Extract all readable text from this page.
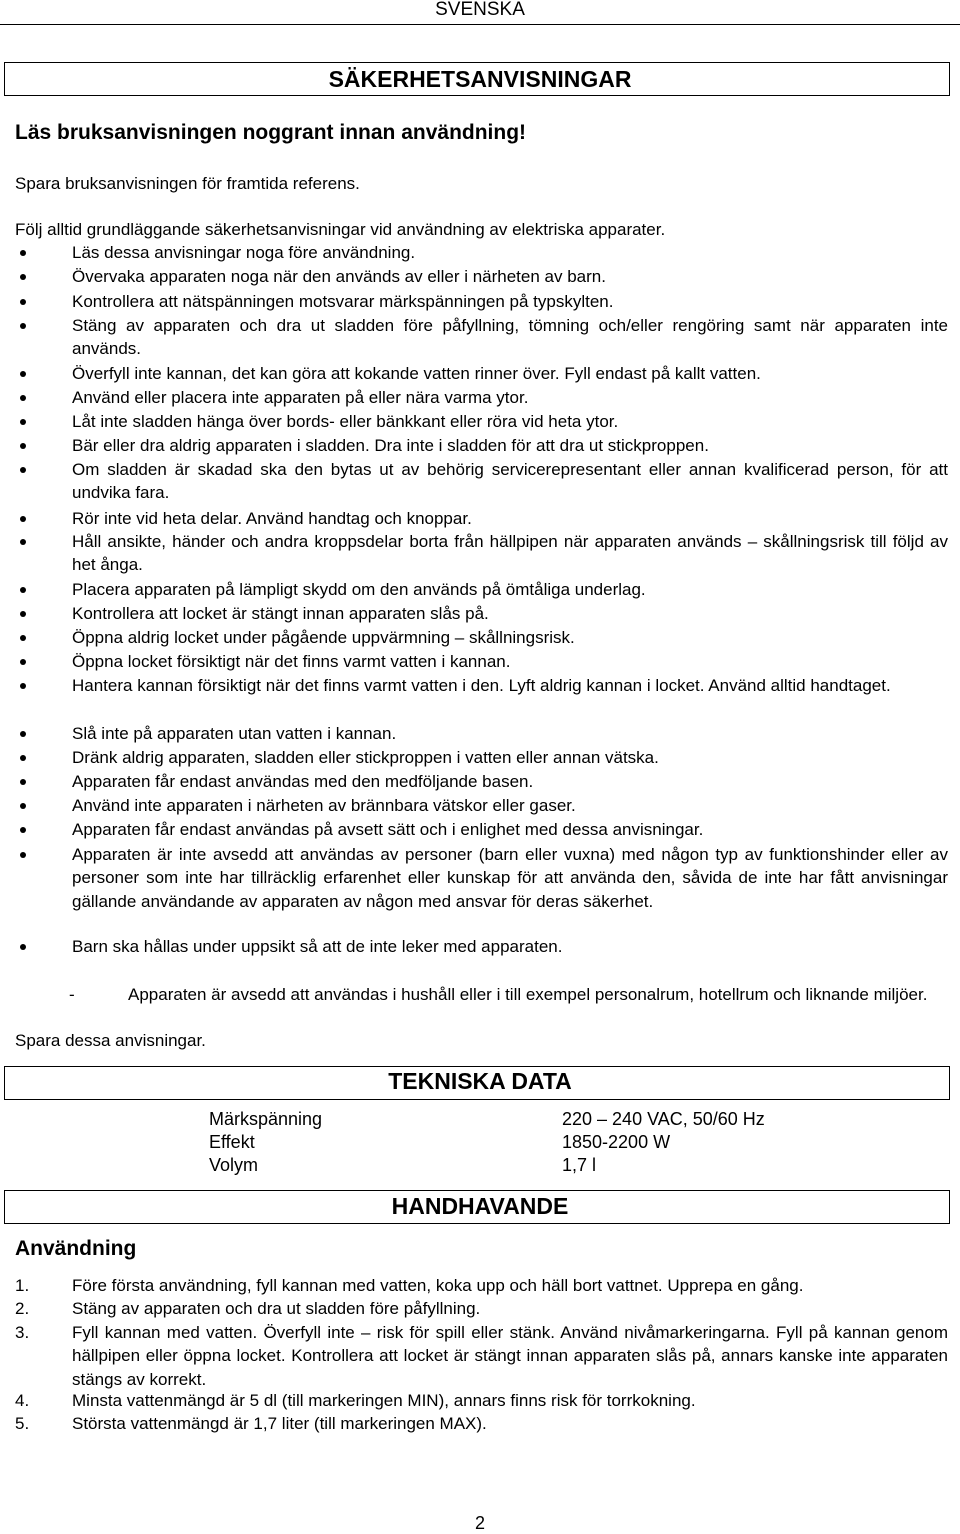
SVENSKA
SÄKERHETSANVISNINGAR
Läs bruksanvisningen noggrant innan användning!
Spara bruksanvisningen för framtida referens.
Följ alltid grundläggande säkerhetsanvisningar vid användning av elektriska apparater.
Läs dessa anvisningar noga före användning.
Övervaka apparaten noga när den används av eller i närheten av barn.
Kontrollera att nätspänningen motsvarar märkspänningen på typskylten.
Stäng av apparaten och dra ut sladden före påfyllning, tömning och/eller rengöring samt när apparaten inte används.
Överfyll inte kannan, det kan göra att kokande vatten rinner över. Fyll endast på kallt vatten.
Använd eller placera inte apparaten på eller nära varma ytor.
Låt inte sladden hänga över bords- eller bänkkant eller röra vid heta ytor.
Bär eller dra aldrig apparaten i sladden. Dra inte i sladden för att dra ut stickproppen.
Om sladden är skadad ska den bytas ut av behörig servicerepresentant eller annan kvalificerad person, för att undvika fara.
Rör inte vid heta delar. Använd handtag och knoppar.
Håll ansikte, händer och andra kroppsdelar borta från hällpipen när apparaten används – skållningsrisk till följd av het ånga.
Placera apparaten på lämpligt skydd om den används på ömtåliga underlag.
Kontrollera att locket är stängt innan apparaten slås på.
Öppna aldrig locket under pågående uppvärmning – skållningsrisk.
Öppna locket försiktigt när det finns varmt vatten i kannan.
Hantera kannan försiktigt när det finns varmt vatten i den. Lyft aldrig kannan i locket. Använd alltid handtaget.
Slå inte på apparaten utan vatten i kannan.
Dränk aldrig apparaten, sladden eller stickproppen i vatten eller annan vätska.
Apparaten får endast användas med den medföljande basen.
Använd inte apparaten i närheten av brännbara vätskor eller gaser.
Apparaten får endast användas på avsett sätt och i enlighet med dessa anvisningar.
Apparaten är inte avsedd att användas av personer (barn eller vuxna) med någon typ av funktionshinder eller av personer som inte har tillräcklig erfarenhet eller kunskap för att använda den, såvida de inte har fått anvisningar gällande användande av apparaten av någon med ansvar för deras säkerhet.
Barn ska hållas under uppsikt så att de inte leker med apparaten.
-	Apparaten är avsedd att användas i hushåll eller i till exempel personalrum, hotellrum och liknande miljöer.
Spara dessa anvisningar.
TEKNISKA DATA
Märkspänning	220 – 240 VAC, 50/60 Hz
Effekt	1850-2200 W
Volym	1,7 l
HANDHAVANDE
Användning
1.	Före första användning, fyll kannan med vatten, koka upp och häll bort vattnet. Upprepa en gång.
2.	Stäng av apparaten och dra ut sladden före påfyllning.
3.	Fyll kannan med vatten. Överfyll inte – risk för spill eller stänk. Använd nivåmarkeringarna. Fyll på kannan genom hällpipen eller öppna locket. Kontrollera att locket är stängt innan apparaten slås på, annars kanske inte apparaten stängs av korrekt.
4.	Minsta vattenmängd är 5 dl (till markeringen MIN), annars finns risk för torrkokning.
5.	Största vattenmängd är 1,7 liter (till markeringen MAX).
2
